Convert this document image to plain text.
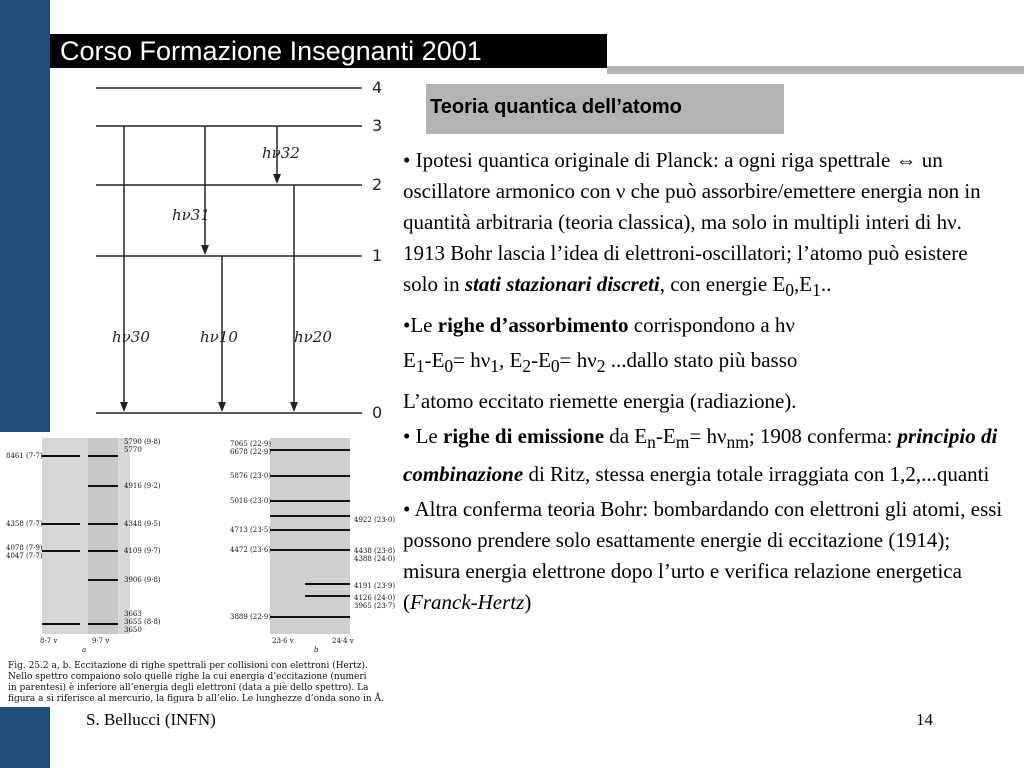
Corso Formazione Insegnanti 2001
4
3
2
1
0
hν32
hν31
hν30	hν10	hν20
5790 (9·8)
5770
8461 (7·7)
4916 (9·2)
4358 (7·7)	4348 (9·5)
4078 (7·9)
4047 (7·7)
4109 (9·7)
3906 (9·8)
3663
3655 (8·8)
3650
8·7 v	9·7 v
7065 (22·9)
6678 (22·9)
5876 (23·0)
5016 (23·0)
4922 (23·0)
4713 (23·5)
4472 (23·6)	4438 (23·8)
4388 (24·0)
4191 (23·9)
4126 (24·0)
3965 (23·7)
3889 (22·9)
23·6 v	24·4 v
a	b
Fig. 25.2 a, b. Eccitazione di righe spettrali per collisioni con elettroni (Hertz).
Nello spettro compaiono solo quelle righe la cui energia d’eccitazione (numeri
in parentesi) è inferiore all’energia degli elettroni (data a piè dello spettro). La
figura a si riferisce al mercurio, la figura b all’elio. Le lunghezze d’onda sono in Å.
Teoria quantica dell’atomo

• Ipotesi quantica originale di Planck: a ogni riga spettrale ⇔ un oscillatore armonico con ν che può assorbire/emettere energia non in quantità arbitraria (teoria classica), ma solo in multipli interi di hν. 1913 Bohr lascia l’idea di elettroni-oscillatori; l’atomo può esistere solo in stati stazionari discreti, con energie $E_0,E_1$..

•Le righe d’assorbimento corrispondono a hν

$E_1-E_0= h\nu_1$, $E_2-E_0= h\nu_2$ ...dallo stato più basso

L’atomo eccitato riemette energia (radiazione).

• Le righe di emissione da $E_n-E_m= h\nu_{nm}$; 1908 conferma: principio di combinazione di Ritz, stessa energia totale irraggiata con 1,2,...quanti

• Altra conferma teoria Bohr: bombardando con elettroni gli atomi, essi possono prendere solo esattamente energie di eccitazione (1914); misura energia elettrone dopo l’urto e verifica relazione energetica (Franck-Hertz)

S. Bellucci (INFN)	14
